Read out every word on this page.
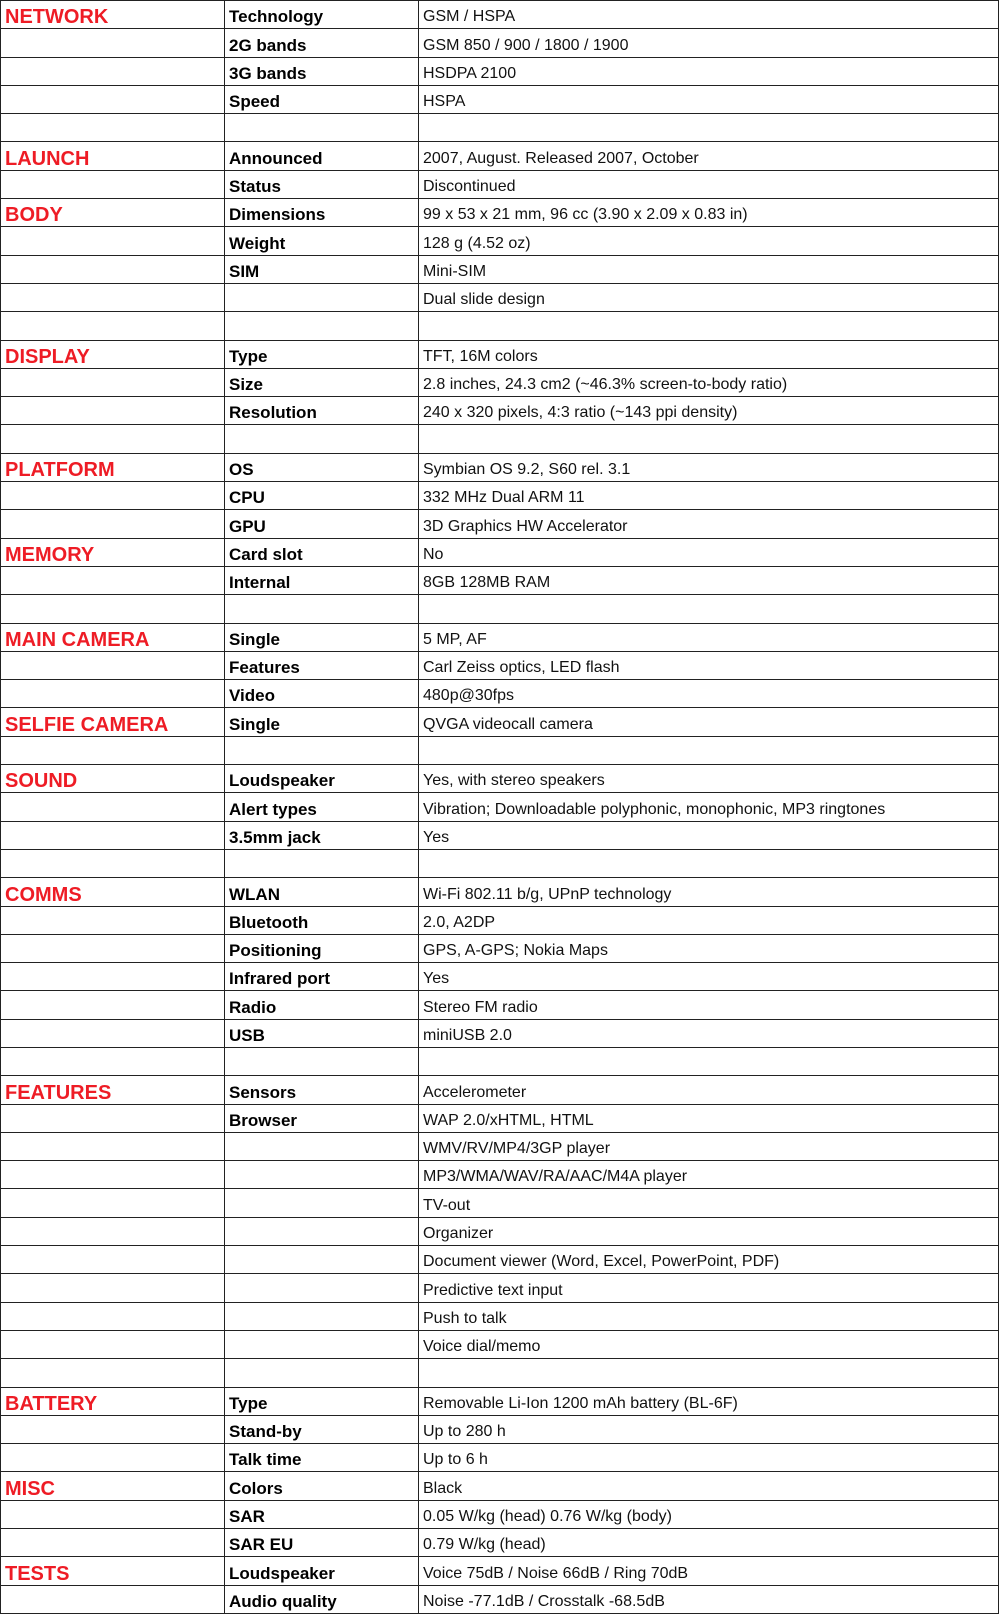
NETWORK	Technology	GSM / HSPA
	2G bands	GSM 850 / 900 / 1800 / 1900
	3G bands	HSDPA 2100
	Speed	HSPA

LAUNCH	Announced	2007, August. Released 2007, October
	Status	Discontinued
BODY	Dimensions	99 x 53 x 21 mm, 96 cc (3.90 x 2.09 x 0.83 in)
	Weight	128 g (4.52 oz)
	SIM	Mini-SIM
		Dual slide design

DISPLAY	Type	TFT, 16M colors
	Size	2.8 inches, 24.3 cm2 (~46.3% screen-to-body ratio)
	Resolution	240 x 320 pixels, 4:3 ratio (~143 ppi density)

PLATFORM	OS	Symbian OS 9.2, S60 rel. 3.1
	CPU	332 MHz Dual ARM 11
	GPU	3D Graphics HW Accelerator
MEMORY	Card slot	No
	Internal	8GB 128MB RAM

MAIN CAMERA	Single	5 MP, AF
	Features	Carl Zeiss optics, LED flash
	Video	480p@30fps
SELFIE CAMERA	Single	QVGA videocall camera

SOUND	Loudspeaker	Yes, with stereo speakers
	Alert types	Vibration; Downloadable polyphonic, monophonic, MP3 ringtones
	3.5mm jack	Yes

COMMS	WLAN	Wi-Fi 802.11 b/g, UPnP technology
	Bluetooth	2.0, A2DP
	Positioning	GPS, A-GPS; Nokia Maps
	Infrared port	Yes
	Radio	Stereo FM radio
	USB	miniUSB 2.0

FEATURES	Sensors	Accelerometer
	Browser	WAP 2.0/xHTML, HTML
		WMV/RV/MP4/3GP player
		MP3/WMA/WAV/RA/AAC/M4A player
		TV-out
		Organizer
		Document viewer (Word, Excel, PowerPoint, PDF)
		Predictive text input
		Push to talk
		Voice dial/memo

BATTERY	Type	Removable Li-Ion 1200 mAh battery (BL-6F)
	Stand-by	Up to 280 h
	Talk time	Up to 6 h
MISC	Colors	Black
	SAR	0.05 W/kg (head) 0.76 W/kg (body)
	SAR EU	0.79 W/kg (head)
TESTS	Loudspeaker	Voice 75dB / Noise 66dB / Ring 70dB
	Audio quality	Noise -77.1dB / Crosstalk -68.5dB
